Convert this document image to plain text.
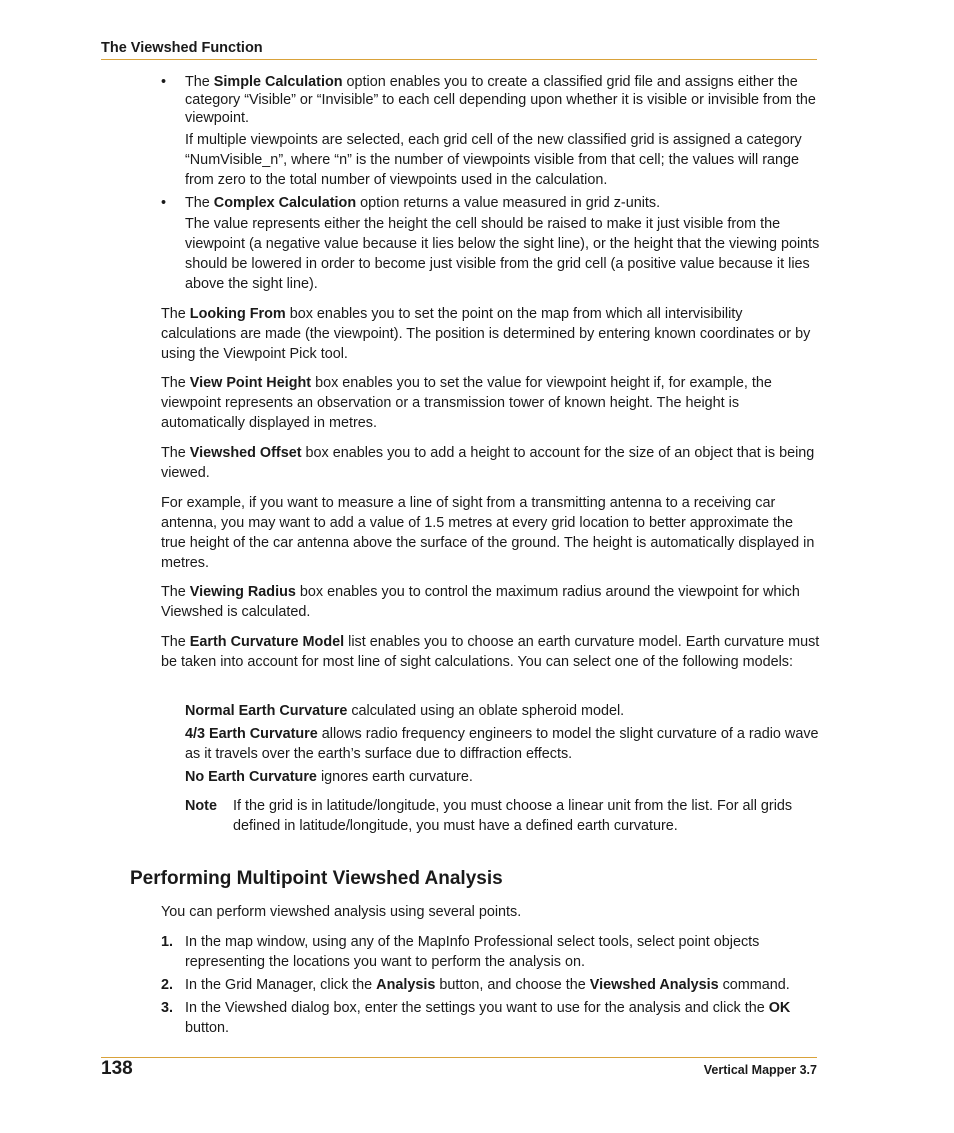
The Viewshed Function
• The Simple Calculation option enables you to create a classified grid file and assigns either the category “Visible” or “Invisible” to each cell depending upon whether it is visible or invisible from the viewpoint.

If multiple viewpoints are selected, each grid cell of the new classified grid is assigned a category “NumVisible_n”, where “n” is the number of viewpoints visible from that cell; the values will range from zero to the total number of viewpoints used in the calculation.

• The Complex Calculation option returns a value measured in grid z-units.

The value represents either the height the cell should be raised to make it just visible from the viewpoint (a negative value because it lies below the sight line), or the height that the viewing points should be lowered in order to become just visible from the grid cell (a positive value because it lies above the sight line).

The Looking From box enables you to set the point on the map from which all intervisibility calculations are made (the viewpoint). The position is determined by entering known coordinates or by using the Viewpoint Pick tool.

The View Point Height box enables you to set the value for viewpoint height if, for example, the viewpoint represents an observation or a transmission tower of known height. The height is automatically displayed in metres.

The Viewshed Offset box enables you to add a height to account for the size of an object that is being viewed.

For example, if you want to measure a line of sight from a transmitting antenna to a receiving car antenna, you may want to add a value of 1.5 metres at every grid location to better approximate the true height of the car antenna above the surface of the ground. The height is automatically displayed in metres.

The Viewing Radius box enables you to control the maximum radius around the viewpoint for which Viewshed is calculated.

The Earth Curvature Model list enables you to choose an earth curvature model. Earth curvature must be taken into account for most line of sight calculations. You can select one of the following models:

Normal Earth Curvature calculated using an oblate spheroid model.

4/3 Earth Curvature allows radio frequency engineers to model the slight curvature of a radio wave as it travels over the earth’s surface due to diffraction effects.

No Earth Curvature ignores earth curvature.

Note If the grid is in latitude/longitude, you must choose a linear unit from the list. For all grids defined in latitude/longitude, you must have a defined earth curvature.

Performing Multipoint Viewshed Analysis

You can perform viewshed analysis using several points.

1. In the map window, using any of the MapInfo Professional select tools, select point objects representing the locations you want to perform the analysis on.

2. In the Grid Manager, click the Analysis button, and choose the Viewshed Analysis command.

3. In the Viewshed dialog box, enter the settings you want to use for the analysis and click the OK button.

138	Vertical Mapper 3.7
